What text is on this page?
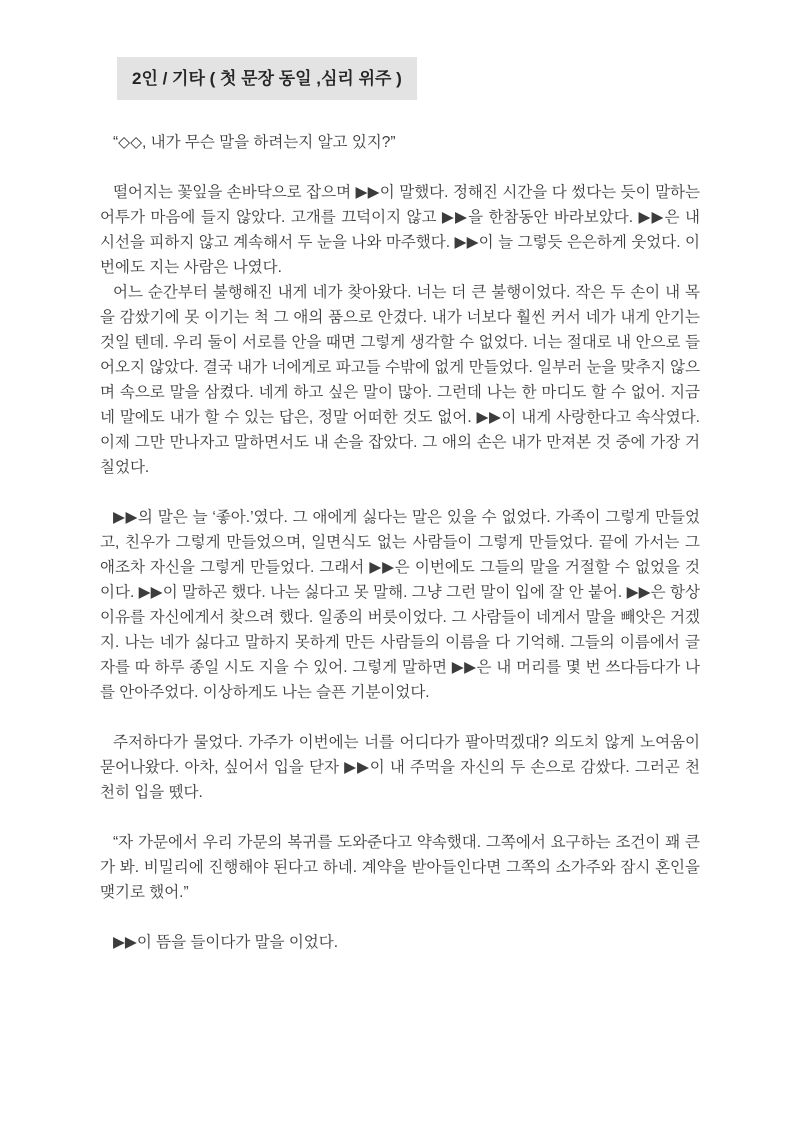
2인 / 기타 ( 첫 문장 동일 ,심리 위주 )

“◇◇, 내가 무슨 말을 하려는지 알고 있지?”

떨어지는 꽃잎을 손바닥으로 잡으며 ▶▶이 말했다. 정해진 시간을 다 썼다는 듯이 말하는 어투가 마음에 들지 않았다. 고개를 끄덕이지 않고 ▶▶을 한참동안 바라보았다. ▶▶은 내 시선을 피하지 않고 계속해서 두 눈을 나와 마주했다. ▶▶이 늘 그렇듯 은은하게 웃었다. 이번에도 지는 사람은 나였다.

어느 순간부터 불행해진 내게 네가 찾아왔다. 너는 더 큰 불행이었다. 작은 두 손이 내 목을 감쌌기에 못 이기는 척 그 애의 품으로 안겼다. 내가 너보다 훨씬 커서 네가 내게 안기는 것일 텐데. 우리 둘이 서로를 안을 때면 그렇게 생각할 수 없었다. 너는 절대로 내 안으로 들어오지 않았다. 결국 내가 너에게로 파고들 수밖에 없게 만들었다. 일부러 눈을 맞추지 않으며 속으로 말을 삼켰다. 네게 하고 싶은 말이 많아. 그런데 나는 한 마디도 할 수 없어. 지금 네 말에도 내가 할 수 있는 답은, 정말 어떠한 것도 없어. ▶▶이 내게 사랑한다고 속삭였다. 이제 그만 만나자고 말하면서도 내 손을 잡았다. 그 애의 손은 내가 만져본 것 중에 가장 거칠었다.

▶▶의 말은 늘 ‘좋아.’였다. 그 애에게 싫다는 말은 있을 수 없었다. 가족이 그렇게 만들었고, 친우가 그렇게 만들었으며, 일면식도 없는 사람들이 그렇게 만들었다. 끝에 가서는 그 애조차 자신을 그렇게 만들었다. 그래서 ▶▶은 이번에도 그들의 말을 거절할 수 없었을 것이다. ▶▶이 말하곤 했다. 나는 싫다고 못 말해. 그냥 그런 말이 입에 잘 안 붙어. ▶▶은 항상 이유를 자신에게서 찾으려 했다. 일종의 버릇이었다. 그 사람들이 네게서 말을 빼앗은 거겠지. 나는 네가 싫다고 말하지 못하게 만든 사람들의 이름을 다 기억해. 그들의 이름에서 글자를 따 하루 종일 시도 지을 수 있어. 그렇게 말하면 ▶▶은 내 머리를 몇 번 쓰다듬다가 나를 안아주었다. 이상하게도 나는 슬픈 기분이었다.

주저하다가 물었다. 가주가 이번에는 너를 어디다가 팔아먹겠대? 의도치 않게 노여움이 묻어나왔다. 아차, 싶어서 입을 닫자 ▶▶이 내 주먹을 자신의 두 손으로 감쌌다. 그러곤 천천히 입을 뗐다.

“자 가문에서 우리 가문의 복귀를 도와준다고 약속했대. 그쪽에서 요구하는 조건이 꽤 큰가 봐. 비밀리에 진행해야 된다고 하네. 계약을 받아들인다면 그쪽의 소가주와 잠시 혼인을 맺기로 했어.”

▶▶이 뜸을 들이다가 말을 이었다.
